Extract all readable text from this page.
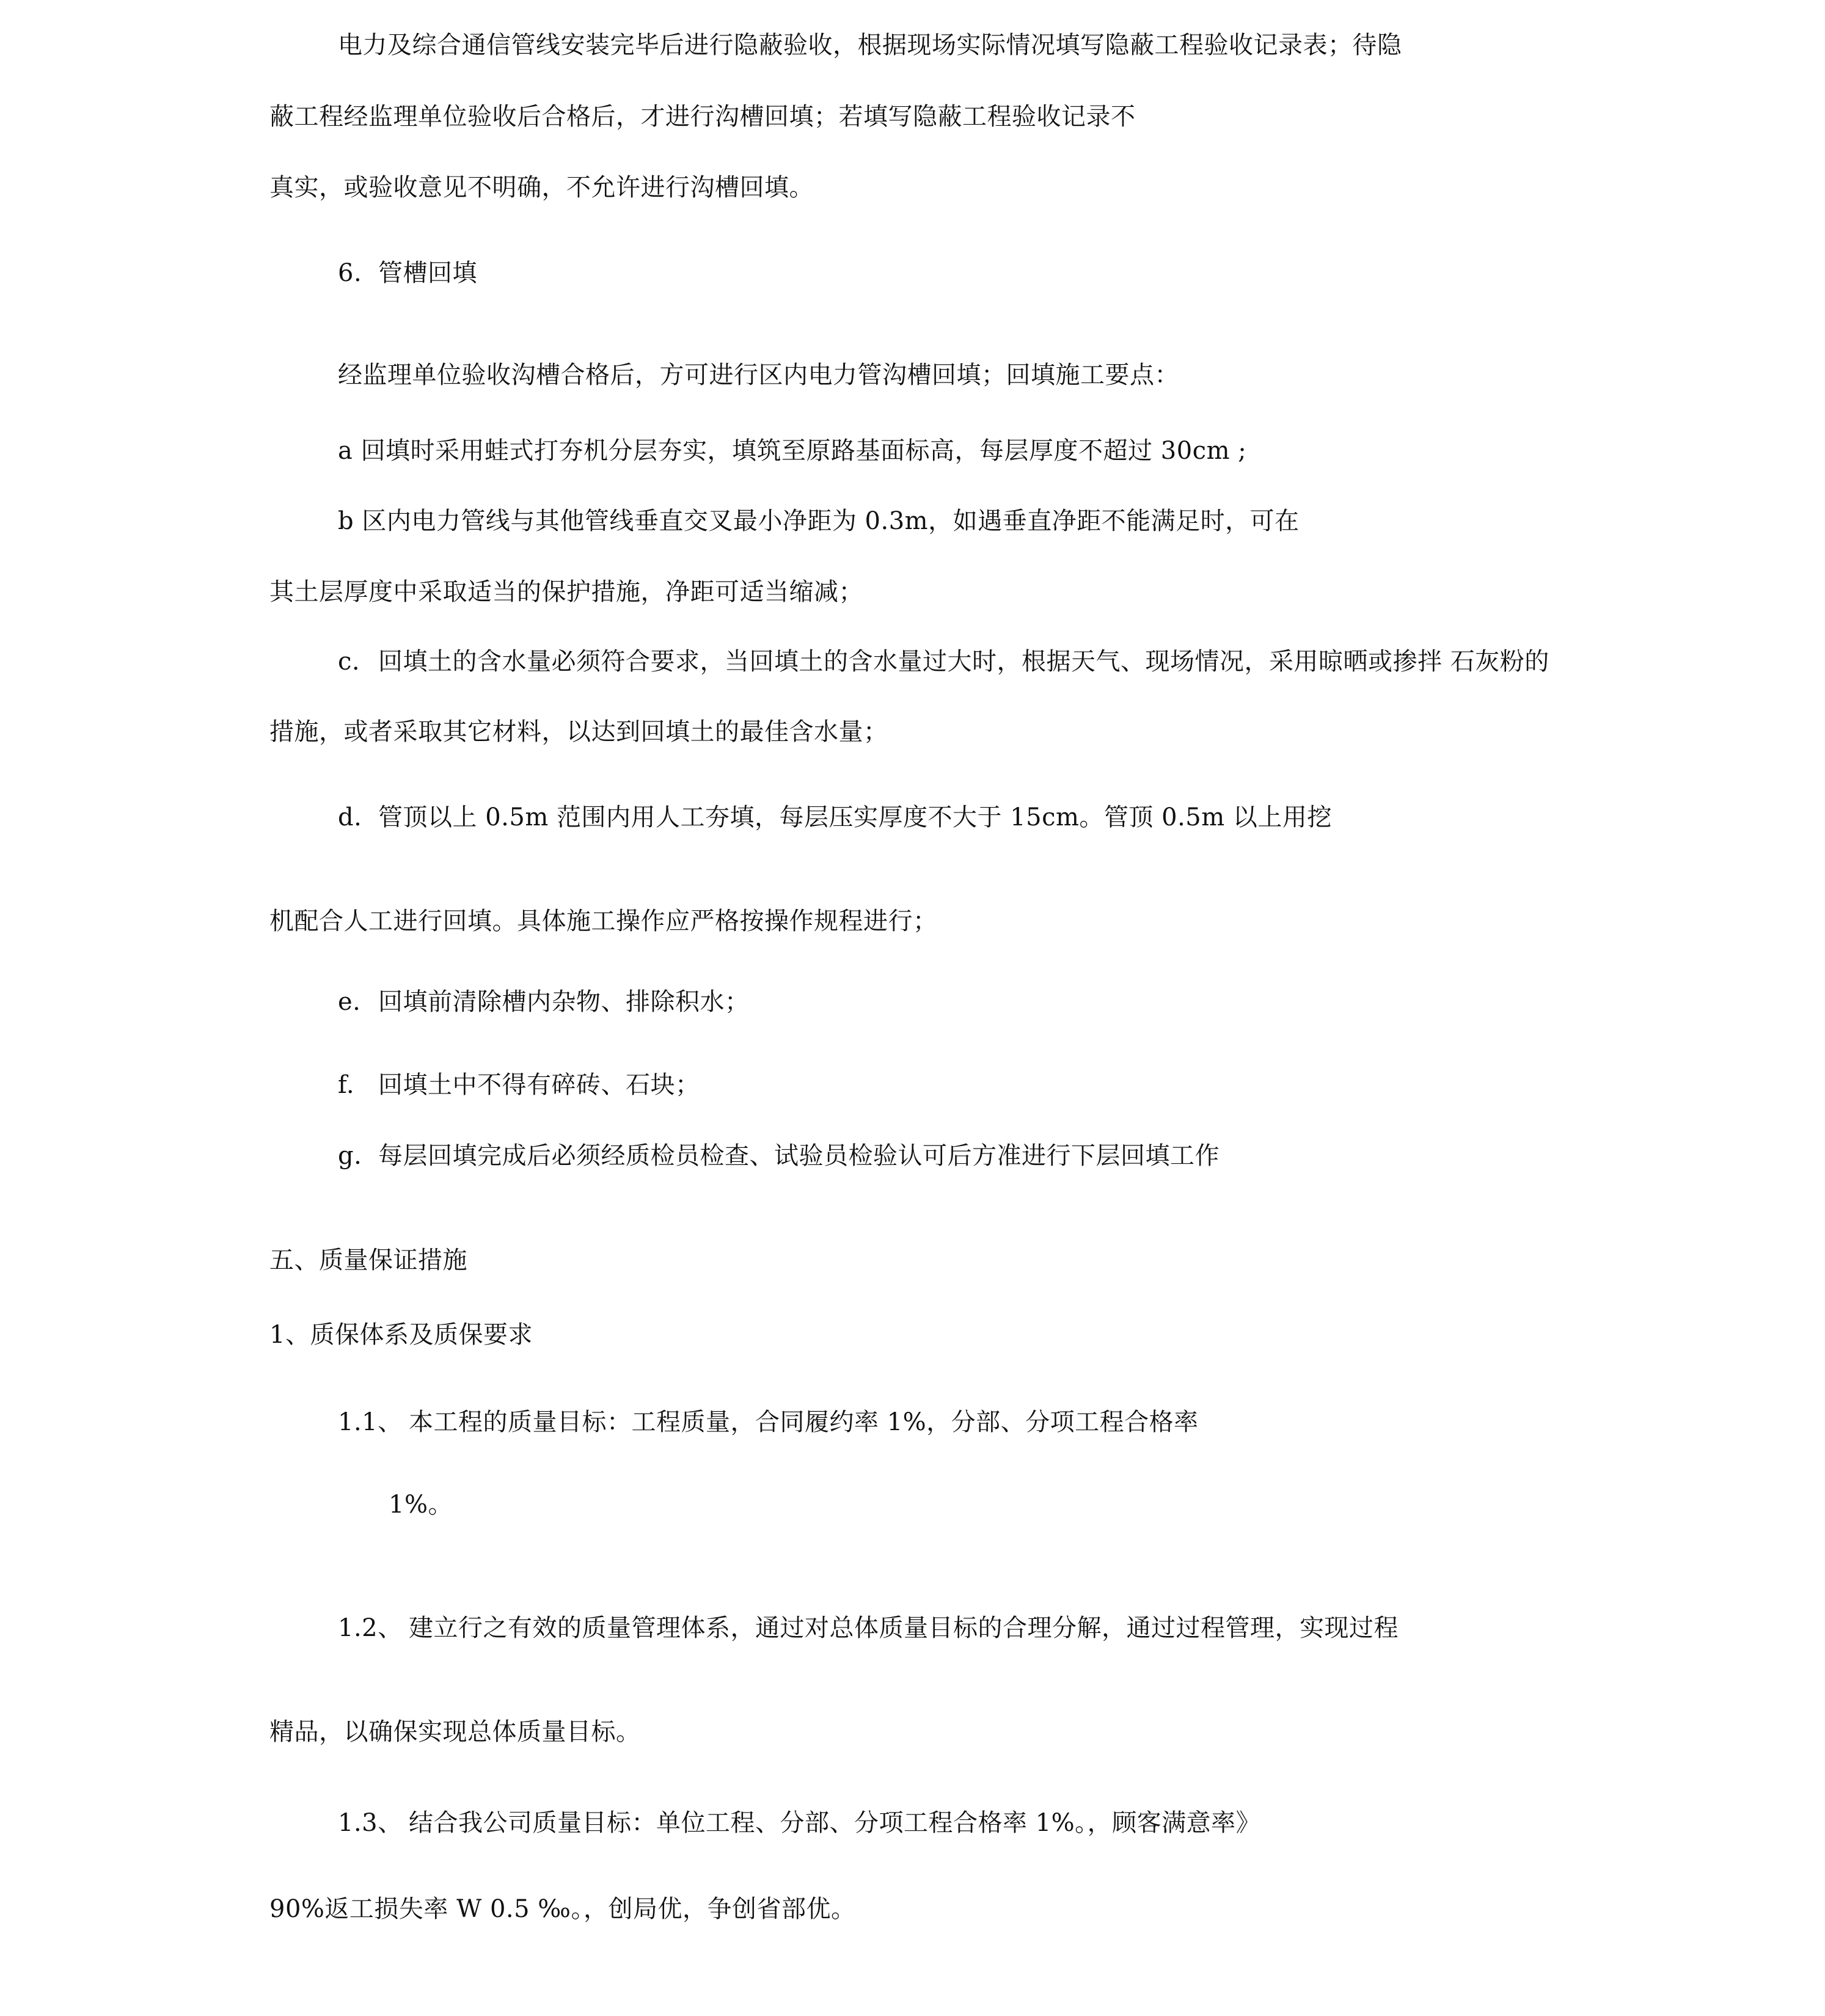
电力及综合通信管线安装完毕后进行隐蔽验收，根据现场实际情况填写隐蔽工程验收记录表；待隐
蔽工程经监理单位验收后合格后，才进行沟槽回填；若填写隐蔽工程验收记录不
真实，或验收意见不明确，不允许进行沟槽回填。
6. 管槽回填
经监理单位验收沟槽合格后，方可进行区内电力管沟槽回填；回填施工要点：
a 回填时采用蛙式打夯机分层夯实，填筑至原路基面标高，每层厚度不超过 30cm ;
b 区内电力管线与其他管线垂直交叉最小净距为 0.3m，如遇垂直净距不能满足时，可在
其土层厚度中采取适当的保护措施，净距可适当缩减；
c. 回填土的含水量必须符合要求，当回填土的含水量过大时，根据天气、现场情况，采用晾晒或掺拌 石灰粉的
措施，或者采取其它材料，以达到回填土的最佳含水量；
d. 管顶以上 0.5m 范围内用人工夯填，每层压实厚度不大于 15cm。管顶 0.5m 以上用挖
机配合人工进行回填。具体施工操作应严格按操作规程进行；
e. 回填前清除槽内杂物、排除积水；
f. 回填土中不得有碎砖、石块；
g. 每层回填完成后必须经质检员检查、试验员检验认可后方准进行下层回填工作
五、质量保证措施
1、质保体系及质保要求
1.1、 本工程的质量目标：工程质量，合同履约率 1%，分部、分项工程合格率
1%。
1.2、 建立行之有效的质量管理体系，通过对总体质量目标的合理分解，通过过程管理，实现过程
精品，以确保实现总体质量目标。
1.3、 结合我公司质量目标：单位工程、分部、分项工程合格率 1%。，顾客满意率》
90%返工损失率 W 0.5 ‰。，创局优，争创省部优。
